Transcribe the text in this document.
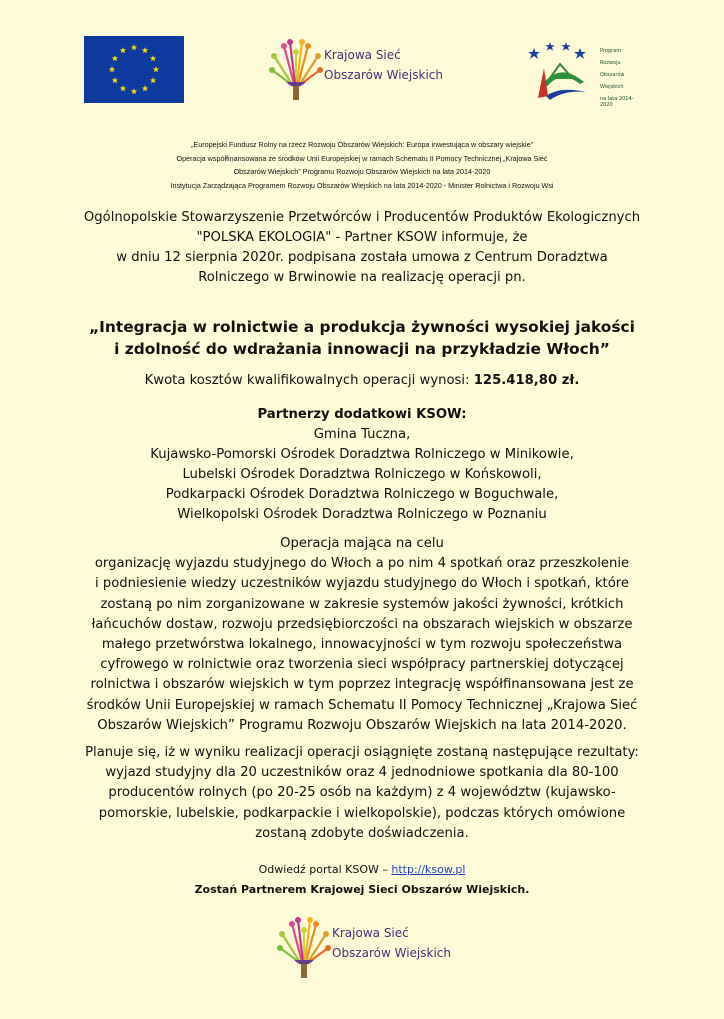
Krajowa Sieć
Obszarów Wiejskich

Program

Rozwoju

Obszarów

Wiejskich

na lata 2014-2020

„Europejski Fundusz Rolny na rzecz Rozwoju Obszarów Wiejskich: Europa inwestująca w obszary wiejskie”
Operacja współfinansowana ze środków Unii Europejskiej w ramach Schematu II Pomocy Technicznej „Krajowa Sieć
Obszarów Wiejskich” Programu Rozwoju Obszarów Wiejskich na lata 2014-2020
Instytucja Zarządzająca Programem Rozwoju Obszarów Wiejskich na lata 2014-2020 - Minister Rolnictwa i Rozwoju Wsi
Ogólnopolskie Stowarzyszenie Przetwórców i Producentów Produktów Ekologicznych
"POLSKA EKOLOGIA" - Partner KSOW informuje, że
w dniu 12 sierpnia 2020r. podpisana została umowa z Centrum Doradztwa
Rolniczego w Brwinowie na realizację operacji pn.
„Integracja w rolnictwie a produkcja żywności wysokiej jakości
i zdolność do wdrażania innowacji na przykładzie Włoch”
Kwota kosztów kwalifikowalnych operacji wynosi: 125.418,80 zł.
Partnerzy dodatkowi KSOW:
Gmina Tuczna,
Kujawsko-Pomorski Ośrodek Doradztwa Rolniczego w Minikowie,
Lubelski Ośrodek Doradztwa Rolniczego w Końskowoli,
Podkarpacki Ośrodek Doradztwa Rolniczego w Boguchwale,
Wielkopolski Ośrodek Doradztwa Rolniczego w Poznaniu
Operacja mająca na celu
organizację wyjazdu studyjnego do Włoch a po nim 4 spotkań oraz przeszkolenie
i podniesienie wiedzy uczestników wyjazdu studyjnego do Włoch i spotkań, które
zostaną po nim zorganizowane w zakresie systemów jakości żywności, krótkich
łańcuchów dostaw, rozwoju przedsiębiorczości na obszarach wiejskich w obszarze
małego przetwórstwa lokalnego, innowacyjności w tym rozwoju społeczeństwa
cyfrowego w rolnictwie oraz tworzenia sieci współpracy partnerskiej dotyczącej
rolnictwa i obszarów wiejskich w tym poprzez integrację współfinansowana jest ze
środków Unii Europejskiej w ramach Schematu II Pomocy Technicznej „Krajowa Sieć
Obszarów Wiejskich” Programu Rozwoju Obszarów Wiejskich na lata 2014-2020.
Planuje się, iż w wyniku realizacji operacji osiągnięte zostaną następujące rezultaty:
wyjazd studyjny dla 20 uczestników oraz 4 jednodniowe spotkania dla 80-100
producentów rolnych (po 20-25 osób na każdym) z 4 województw (kujawsko-
pomorskie, lubelskie, podkarpackie i wielkopolskie), podczas których omówione
zostaną zdobyte doświadczenia.
Odwiedź portal KSOW – http://ksow.pl
Zostań Partnerem Krajowej Sieci Obszarów Wiejskich.
Krajowa Sieć
Obszarów Wiejskich
